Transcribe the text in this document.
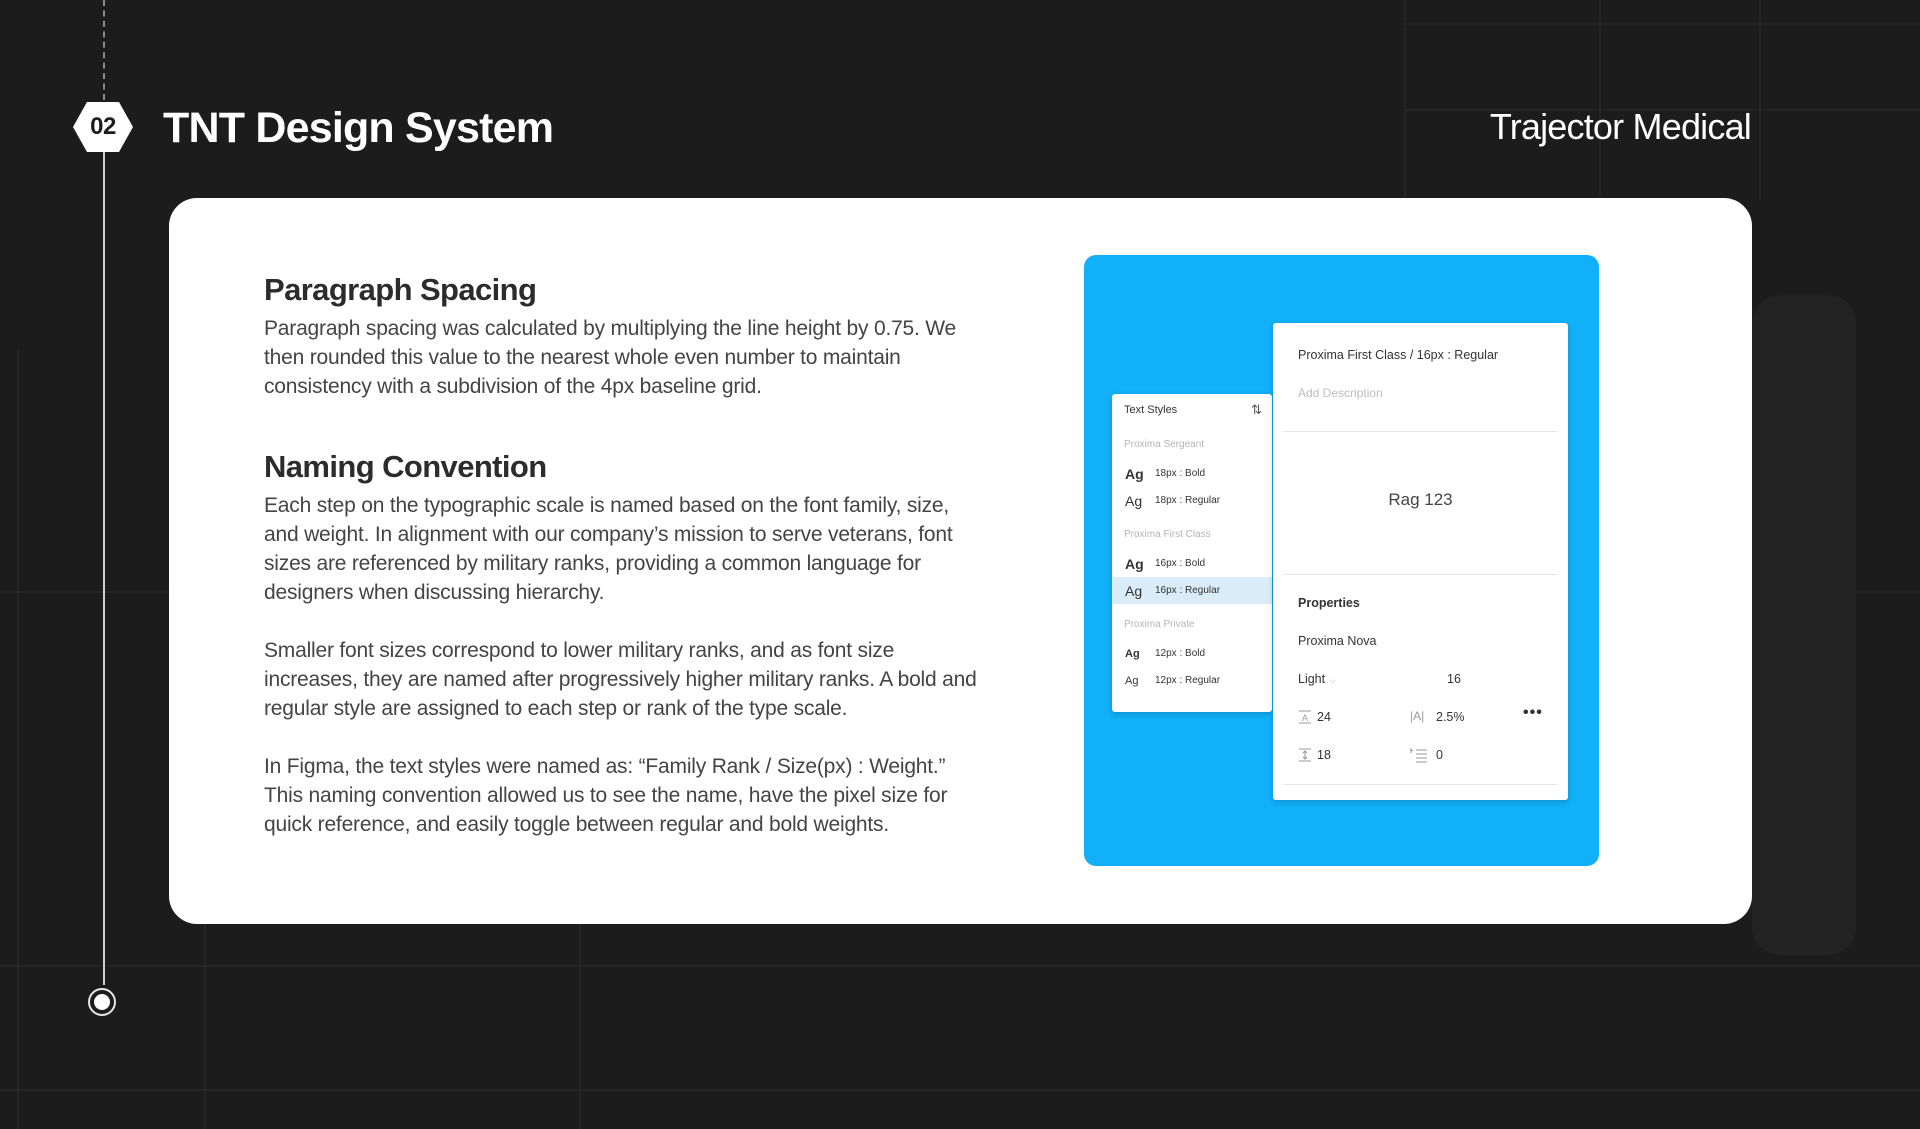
02 TNT Design System	Trajector Medical
Paragraph Spacing

Paragraph spacing was calculated by multiplying the line height by 0.75. We then rounded this value to the nearest whole even number to maintain consistency with a subdivision of the 4px baseline grid.

Naming Convention

Each step on the typographic scale is named based on the font family, size, and weight. In alignment with our company’s mission to serve veterans, font sizes are referenced by military ranks, providing a common language for designers when discussing hierarchy.

Smaller font sizes correspond to lower military ranks, and as font size increases, they are named after progressively higher military ranks. A bold and regular style are assigned to each step or rank of the type scale.

In Figma, the text styles were named as: “Family Rank / Size(px) : Weight.” This naming convention allowed us to see the name, have the pixel size for quick reference, and easily toggle between regular and bold weights.

Text Styles	⇅
Proxima Sergeant
Ag	18px : Bold
Ag	18px : Regular
Proxima First Class
Ag	16px : Bold
Ag	16px : Regular
Proxima Private
Ag	12px : Bold
Ag	12px : Regular
Proxima First Class / 16px : Regular
Add Description
Rag 123
Properties
Proxima Nova
Light ⌵	16
A 24	|A| 2.5%
18	0
•••
